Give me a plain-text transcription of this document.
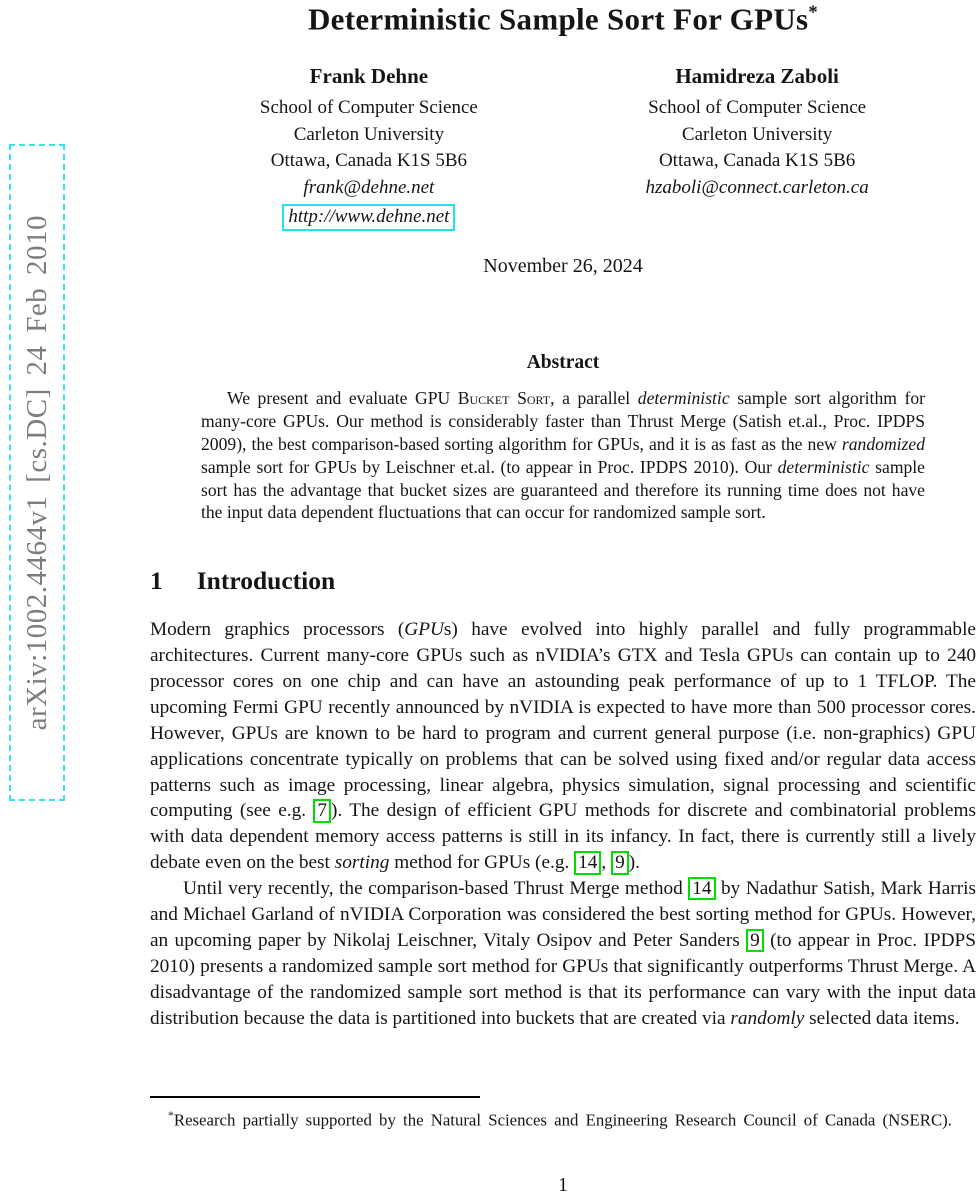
arXiv:1002.4464v1 [cs.DC] 24 Feb 2010
Deterministic Sample Sort For GPUs*
Frank Dehne
School of Computer Science
Carleton University
Ottawa, Canada K1S 5B6
frank@dehne.net
http://www.dehne.net
Hamidreza Zaboli
School of Computer Science
Carleton University
Ottawa, Canada K1S 5B6
hzaboli@connect.carleton.ca
November 26, 2024
Abstract
We present and evaluate GPU Bucket Sort, a parallel deterministic sample sort algorithm for many-core GPUs. Our method is considerably faster than Thrust Merge (Satish et.al., Proc. IPDPS 2009), the best comparison-based sorting algorithm for GPUs, and it is as fast as the new randomized sample sort for GPUs by Leischner et.al. (to appear in Proc. IPDPS 2010). Our deterministic sample sort has the advantage that bucket sizes are guaranteed and therefore its running time does not have the input data dependent fluctuations that can occur for randomized sample sort.
1 Introduction

Modern graphics processors (GPUs) have evolved into highly parallel and fully programmable architectures. Current many-core GPUs such as nVIDIA’s GTX and Tesla GPUs can contain up to 240 processor cores on one chip and can have an astounding peak performance of up to 1 TFLOP. The upcoming Fermi GPU recently announced by nVIDIA is expected to have more than 500 processor cores. However, GPUs are known to be hard to program and current general purpose (i.e. non-graphics) GPU applications concentrate typically on problems that can be solved using fixed and/or regular data access patterns such as image processing, linear algebra, physics simulation, signal processing and scientific computing (see e.g. 7 ). The design of efficient GPU methods for discrete and combinatorial problems with data dependent memory access patterns is still in its infancy. In fact, there is currently still a lively debate even on the best sorting method for GPUs (e.g. 14 , 9 ).

Until very recently, the comparison-based Thrust Merge method 14 by Nadathur Satish, Mark Harris and Michael Garland of nVIDIA Corporation was considered the best sorting method for GPUs. However, an upcoming paper by Nikolaj Leischner, Vitaly Osipov and Peter Sanders 9 (to appear in Proc. IPDPS 2010) presents a randomized sample sort method for GPUs that significantly outperforms Thrust Merge. A disadvantage of the randomized sample sort method is that its performance can vary with the input data distribution because the data is partitioned into buckets that are created via randomly selected data items.

*Research partially supported by the Natural Sciences and Engineering Research Council of Canada (NSERC).

1
